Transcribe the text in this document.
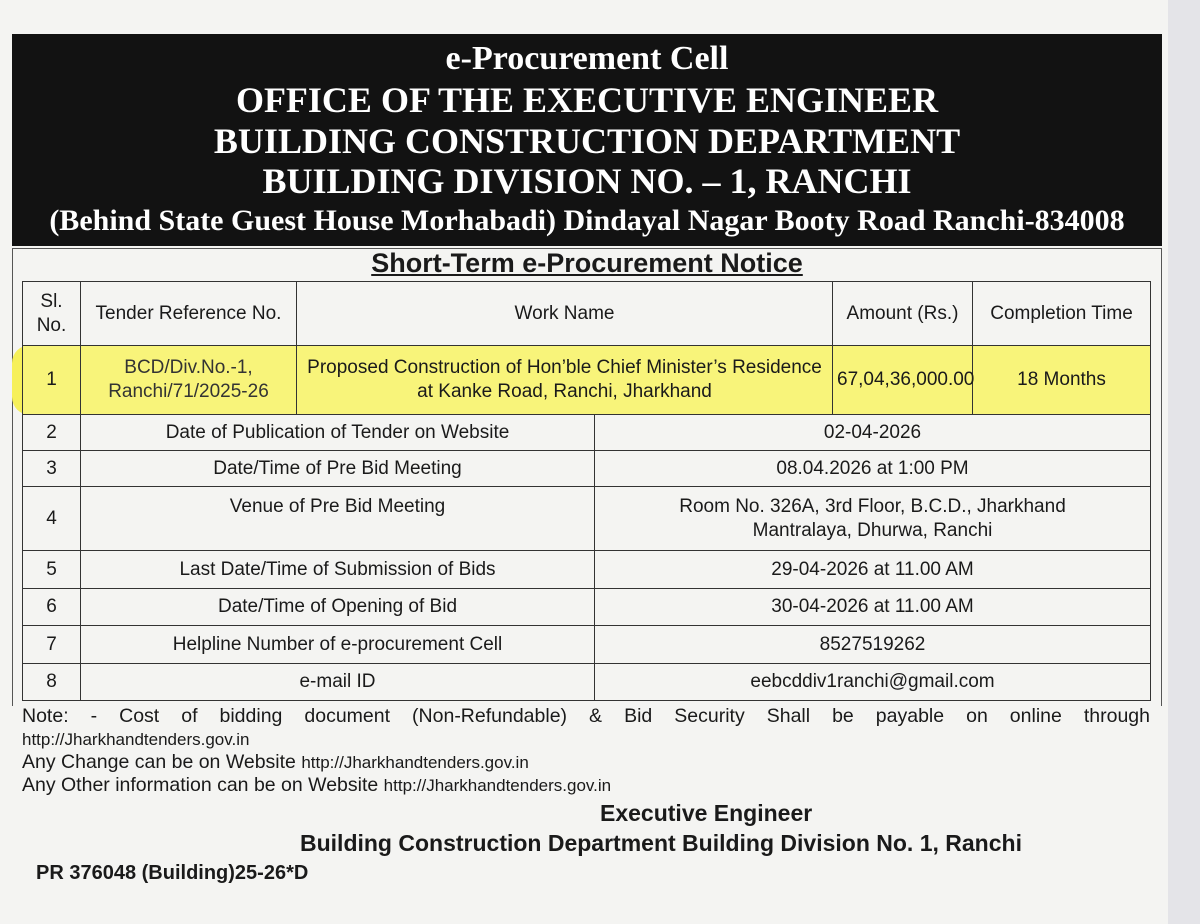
e-Procurement Cell
OFFICE OF THE EXECUTIVE ENGINEER
BUILDING CONSTRUCTION DEPARTMENT
BUILDING DIVISION NO. – 1, RANCHI
(Behind State Guest House Morhabadi) Dindayal Nagar Booty Road Ranchi-834008
Short-Term e-Procurement Notice
Sl. No.	Tender Reference No.	Work Name		Amount (Rs.)	Completion Time
1	BCD/Div.No.-1, Ranchi/71/2025-26	Proposed Construction of Hon’ble Chief Minister’s Residence at Kanke Road, Ranchi, Jharkhand		67,04,36,000.00	18 Months
2	Date of Publication of Tender on Website		02-04-2026		
3	Date/Time of Pre Bid Meeting		08.04.2026 at 1:00 PM		
4	Venue of Pre Bid Meeting		Room No. 326A, 3rd Floor, B.C.D., Jharkhand Mantralaya, Dhurwa, Ranchi		
5	Last Date/Time of Submission of Bids		29-04-2026 at 11.00 AM		
6	Date/Time of Opening of Bid		30-04-2026 at 11.00 AM		
7	Helpline Number of e-procurement Cell		8527519262		
8	e-mail ID		eebcddiv1ranchi@gmail.com		
Note: - Cost of bidding document (Non-Refundable) & Bid Security Shall be payable on online through
http://Jharkhandtenders.gov.in
Any Change can be on Website http://Jharkhandtenders.gov.in
Any Other information can be on Website http://Jharkhandtenders.gov.in
Executive Engineer
Building Construction Department Building Division No. 1, Ranchi
PR 376048 (Building)25-26*D
